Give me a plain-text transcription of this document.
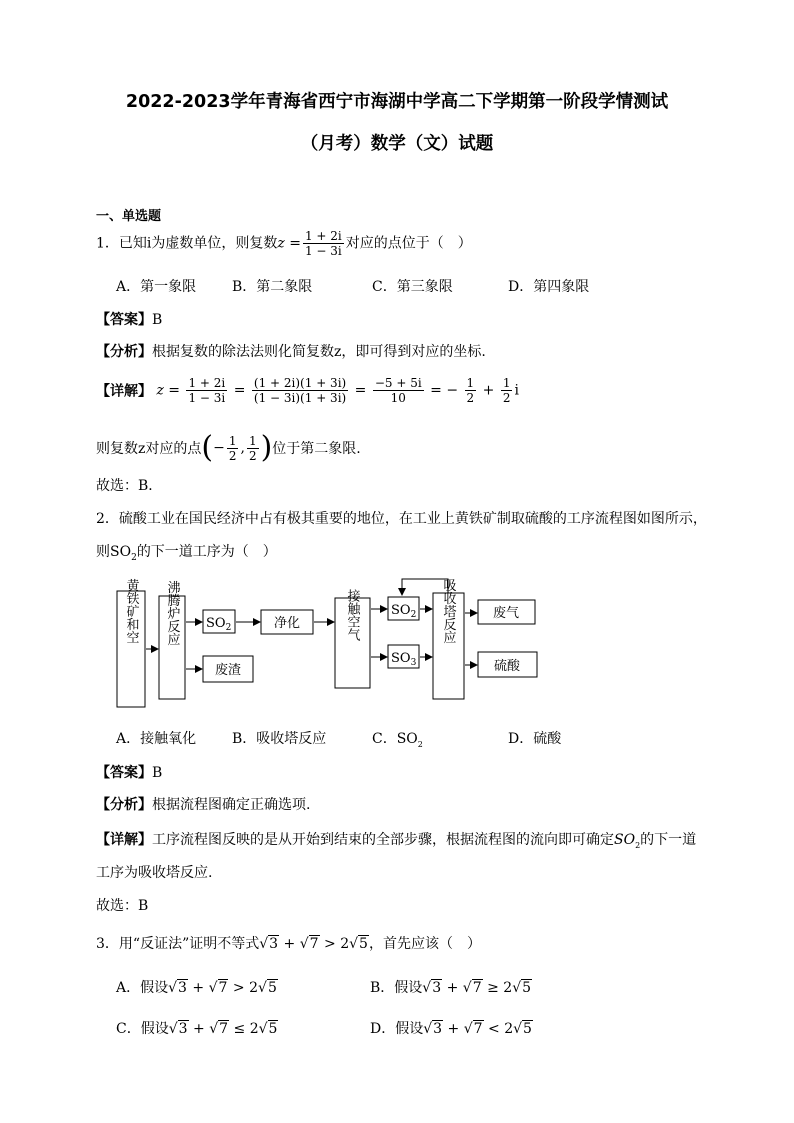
2022-2023学年青海省西宁市海湖中学高二下学期第一阶段学情测试
（月考）数学（文）试题
一、单选题
1．已知i为虚数单位，则复数$z = \frac{1 + 2i}{1 - 3i}$ 对应的点位于（　）
A．第一象限	B．第二象限	C．第三象限	D．第四象限
【答案】B
【分析】根据复数的除法法则化简复数z，即可得到对应的坐标.
【详解】 $z = \frac{1 + 2i}{1 - 3i} = \frac{(1 + 2i)(1 + 3i)}{(1 - 3i)(1 + 3i)} = \frac{-5 + 5i}{10}$ = − $\frac{1}{2} + \frac{1}{2}$ i
则复数z对应的点(− $\frac{1}{2}$ , $\frac{1}{2}$ )位于第二象限.
故选：B．
2．硫酸工业在国民经济中占有极其重要的地位，在工业上黄铁矿制取硫酸的工序流程图如图所示，
则$SO_2$的下一道工序为（　）
黄铁矿和空 沸腾炉反应 $SO_2$
废渣
净化	接触空气 $SO_2$
$SO_3$
吸收塔反应	废气
硫酸
A．接触氧化	B．吸收塔反应	C．$SO_2$	D．硫酸
【答案】B
【分析】根据流程图确定正确选项.
【详解】工序流程图反映的是从开始到结束的全部步骤，根据流程图的流向即可确定$SO_2$的下一道
工序为吸收塔反应.
故选：B
3．用“反证法”证明不等式√3 + √7 > 2√5，首先应该（　）
A．假设√3 + √7 > 2√5	B．假设√3 + √7 ≥ 2√5
C．假设√3 + √7 ≤ 2√5	D．假设√3 + √7 < 2√5
